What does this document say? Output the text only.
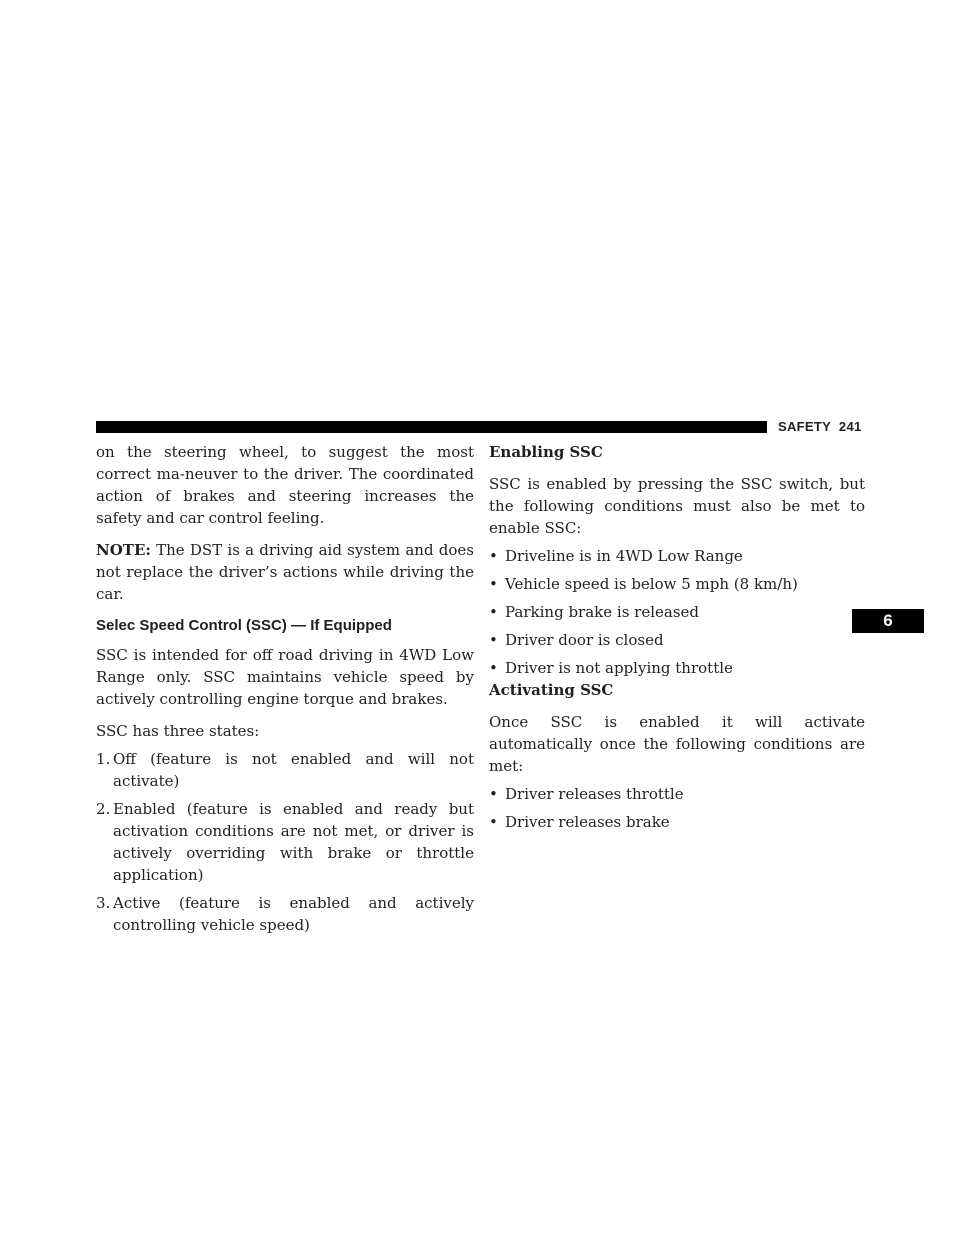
SAFETY 241
6

on the steering wheel, to suggest the most correct ma-neuver to the driver. The coordinated action of brakes and steering increases the safety and car control feeling.

NOTE: The DST is a driving aid system and does not replace the driver’s actions while driving the car.

Selec Speed Control (SSC) — If Equipped

SSC is intended for off road driving in 4WD Low Range only. SSC maintains vehicle speed by actively controlling engine torque and brakes.

SSC has three states:

1. Off (feature is not enabled and will not activate)
2. Enabled (feature is enabled and ready but activation conditions are not met, or driver is actively overriding with brake or throttle application)
3. Active (feature is enabled and actively controlling vehicle speed)

Enabling SSC

SSC is enabled by pressing the SSC switch, but the following conditions must also be met to enable SSC:

• Driveline is in 4WD Low Range
• Vehicle speed is below 5 mph (8 km/h)
• Parking brake is released
• Driver door is closed
• Driver is not applying throttle

Activating SSC

Once SSC is enabled it will activate automatically once the following conditions are met:

• Driver releases throttle
• Driver releases brake
